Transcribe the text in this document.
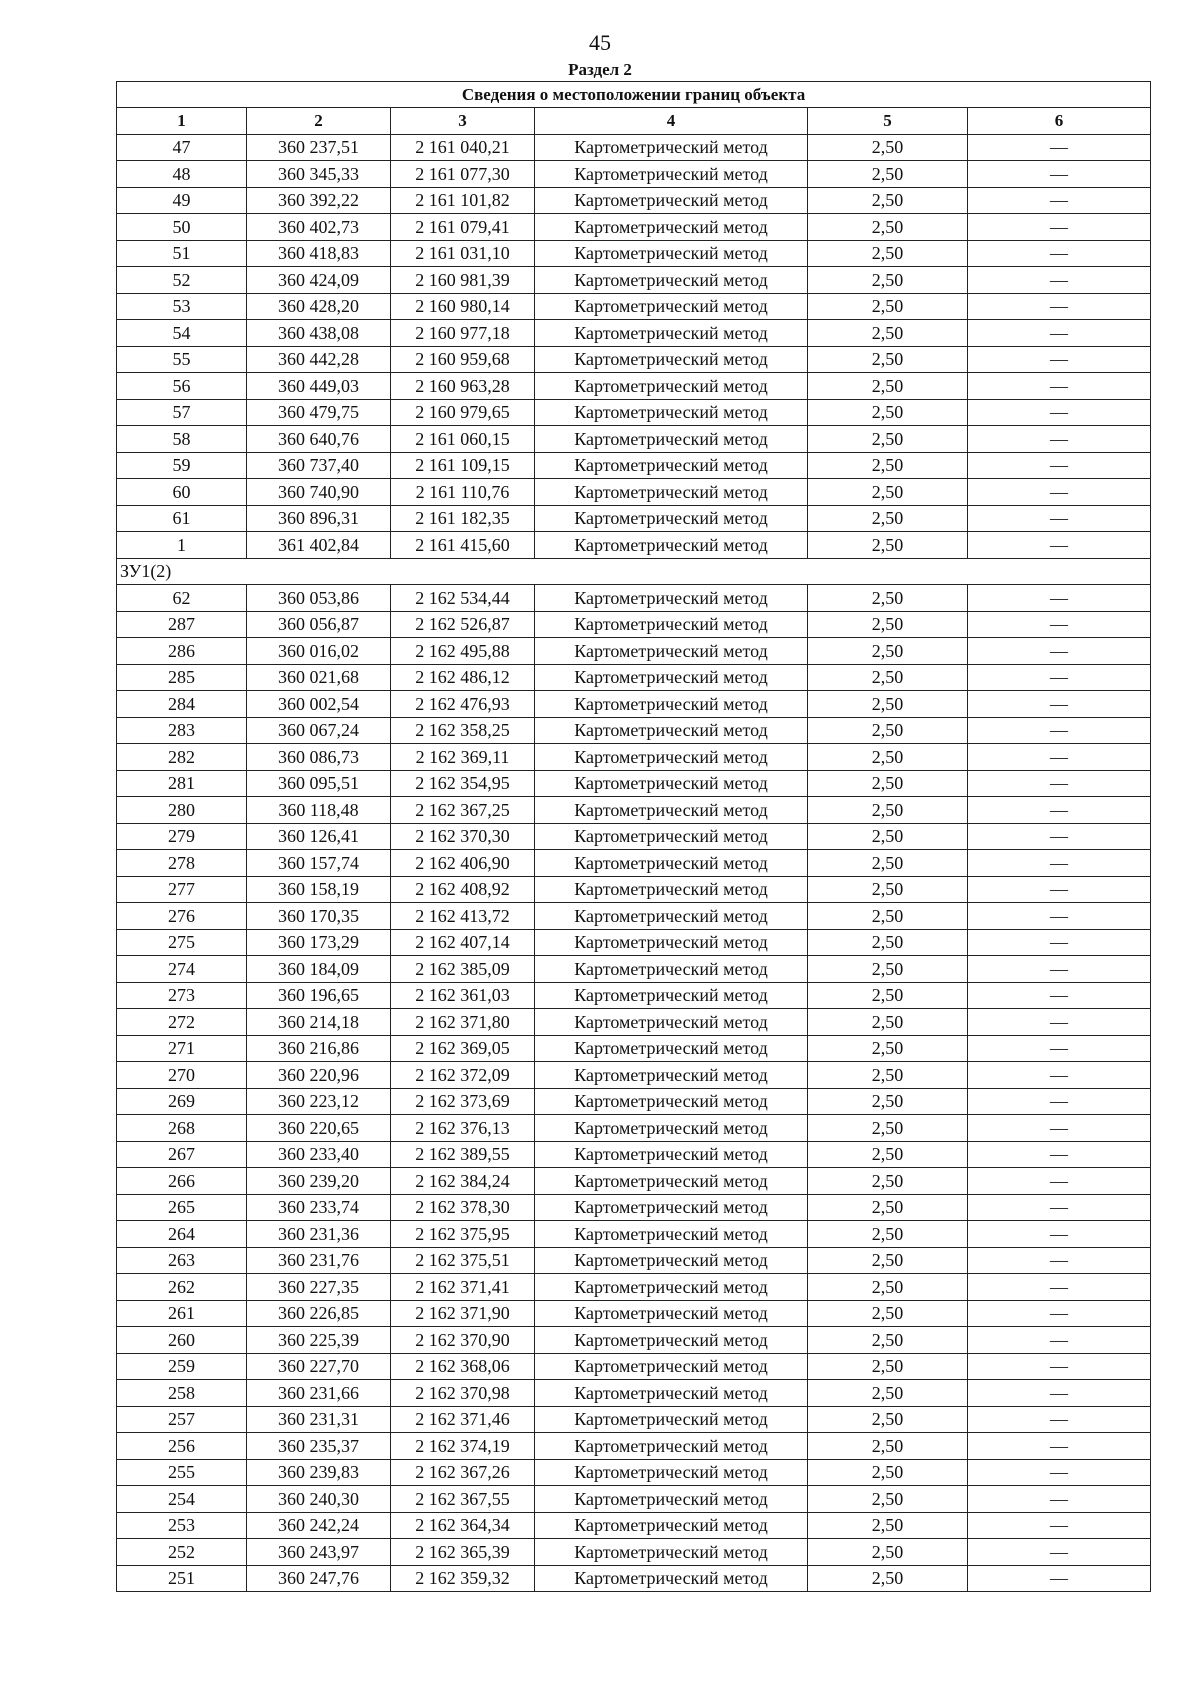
45
Раздел 2
Сведения о местоположении границ объекта					
1	2	3	4	5	6
47	360 237,51	2 161 040,21	Картометрический метод	2,50	—
48	360 345,33	2 161 077,30	Картометрический метод	2,50	—
49	360 392,22	2 161 101,82	Картометрический метод	2,50	—
50	360 402,73	2 161 079,41	Картометрический метод	2,50	—
51	360 418,83	2 161 031,10	Картометрический метод	2,50	—
52	360 424,09	2 160 981,39	Картометрический метод	2,50	—
53	360 428,20	2 160 980,14	Картометрический метод	2,50	—
54	360 438,08	2 160 977,18	Картометрический метод	2,50	—
55	360 442,28	2 160 959,68	Картометрический метод	2,50	—
56	360 449,03	2 160 963,28	Картометрический метод	2,50	—
57	360 479,75	2 160 979,65	Картометрический метод	2,50	—
58	360 640,76	2 161 060,15	Картометрический метод	2,50	—
59	360 737,40	2 161 109,15	Картометрический метод	2,50	—
60	360 740,90	2 161 110,76	Картометрический метод	2,50	—
61	360 896,31	2 161 182,35	Картометрический метод	2,50	—
1	361 402,84	2 161 415,60	Картометрический метод	2,50	—
ЗУ1(2)					
62	360 053,86	2 162 534,44	Картометрический метод	2,50	—
287	360 056,87	2 162 526,87	Картометрический метод	2,50	—
286	360 016,02	2 162 495,88	Картометрический метод	2,50	—
285	360 021,68	2 162 486,12	Картометрический метод	2,50	—
284	360 002,54	2 162 476,93	Картометрический метод	2,50	—
283	360 067,24	2 162 358,25	Картометрический метод	2,50	—
282	360 086,73	2 162 369,11	Картометрический метод	2,50	—
281	360 095,51	2 162 354,95	Картометрический метод	2,50	—
280	360 118,48	2 162 367,25	Картометрический метод	2,50	—
279	360 126,41	2 162 370,30	Картометрический метод	2,50	—
278	360 157,74	2 162 406,90	Картометрический метод	2,50	—
277	360 158,19	2 162 408,92	Картометрический метод	2,50	—
276	360 170,35	2 162 413,72	Картометрический метод	2,50	—
275	360 173,29	2 162 407,14	Картометрический метод	2,50	—
274	360 184,09	2 162 385,09	Картометрический метод	2,50	—
273	360 196,65	2 162 361,03	Картометрический метод	2,50	—
272	360 214,18	2 162 371,80	Картометрический метод	2,50	—
271	360 216,86	2 162 369,05	Картометрический метод	2,50	—
270	360 220,96	2 162 372,09	Картометрический метод	2,50	—
269	360 223,12	2 162 373,69	Картометрический метод	2,50	—
268	360 220,65	2 162 376,13	Картометрический метод	2,50	—
267	360 233,40	2 162 389,55	Картометрический метод	2,50	—
266	360 239,20	2 162 384,24	Картометрический метод	2,50	—
265	360 233,74	2 162 378,30	Картометрический метод	2,50	—
264	360 231,36	2 162 375,95	Картометрический метод	2,50	—
263	360 231,76	2 162 375,51	Картометрический метод	2,50	—
262	360 227,35	2 162 371,41	Картометрический метод	2,50	—
261	360 226,85	2 162 371,90	Картометрический метод	2,50	—
260	360 225,39	2 162 370,90	Картометрический метод	2,50	—
259	360 227,70	2 162 368,06	Картометрический метод	2,50	—
258	360 231,66	2 162 370,98	Картометрический метод	2,50	—
257	360 231,31	2 162 371,46	Картометрический метод	2,50	—
256	360 235,37	2 162 374,19	Картометрический метод	2,50	—
255	360 239,83	2 162 367,26	Картометрический метод	2,50	—
254	360 240,30	2 162 367,55	Картометрический метод	2,50	—
253	360 242,24	2 162 364,34	Картометрический метод	2,50	—
252	360 243,97	2 162 365,39	Картометрический метод	2,50	—
251	360 247,76	2 162 359,32	Картометрический метод	2,50	—
